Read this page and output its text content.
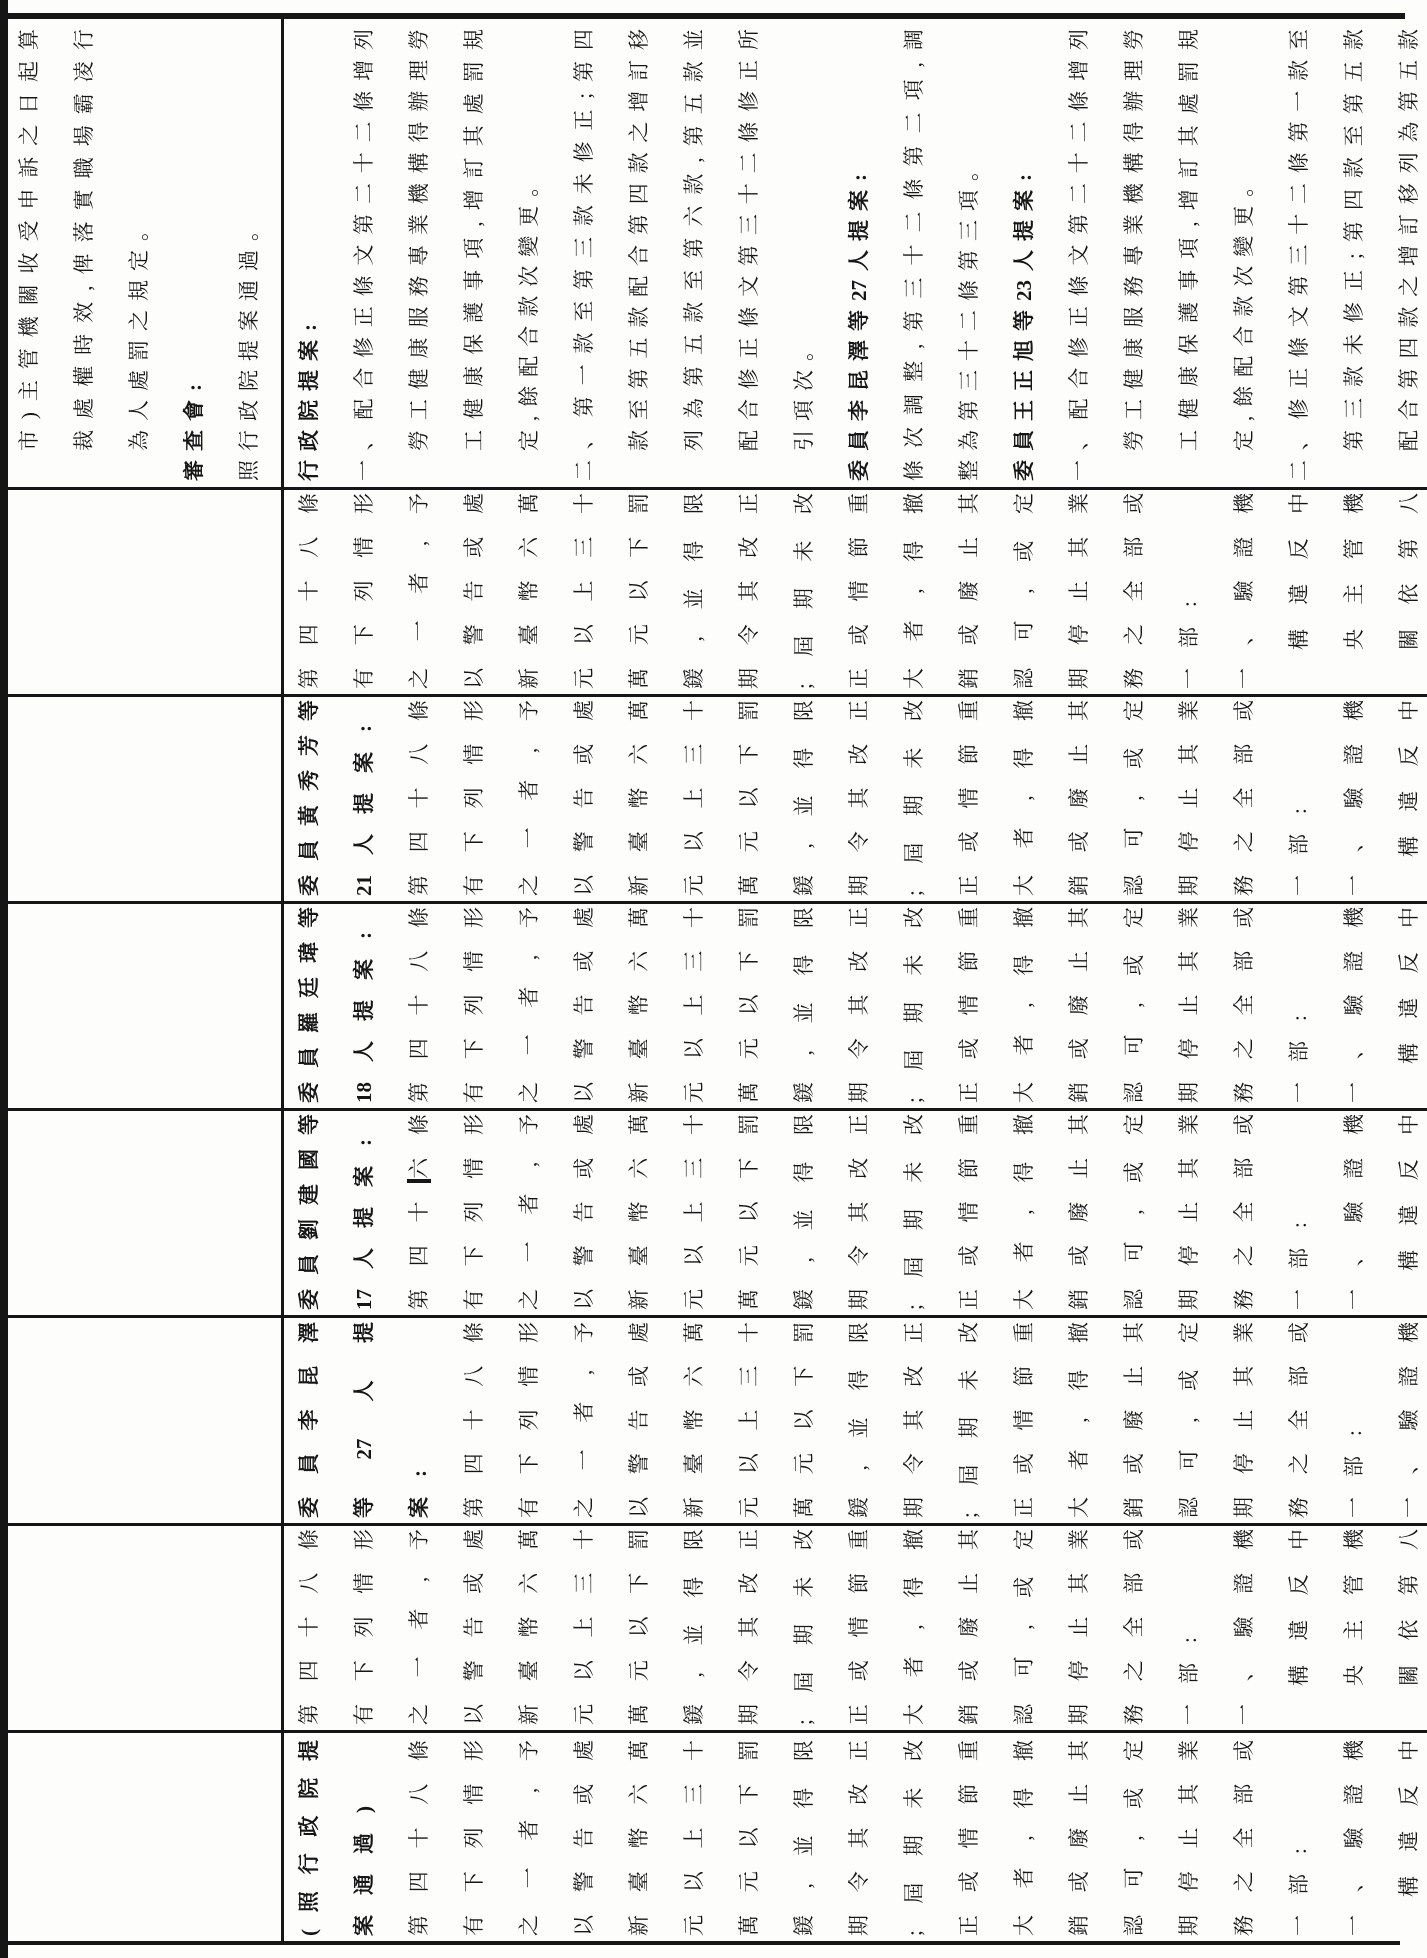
市
)
主
管
機
關
收
受
申
訴
之
日
起
算
裁
處
權
時
效
,
俾
落
實
職
場
霸
凌
行
為
人
處
罰
之
規
定
。
審
查
會
:
照
行
政
院
提
案
通
過
。
行
政
院
提
案
:
一
、
配
合
修
正
條
文
第
二
十
二
條
增
列
勞
工
健
康
服
務
專
業
機
構
得
辦
理
勞
工
健
康
保
護
事
項
,
增
訂
其
處
罰
規
定
,
餘
配
合
款
次
變
更
。
二
、
第
一
款
至
第
三
款
未
修
正
;
第
四
款
至
第
五
款
配
合
第
四
款
之
增
訂
移
列
為
第
五
款
至
第
六
款
,
第
五
款
並
配
合
修
正
條
文
第
三
十
二
條
修
正
所
引
項
次
。
委
員
李
昆
澤
等
27
人
提
案
:
條
次
調
整
,
第
三
十
二
條
第
二
項
,
調
整
為
第
三
十
二
條
第
三
項
。
委
員
王
正
旭
等
23
人
提
案
:
一
、
配
合
修
正
條
文
第
二
十
二
條
增
列
勞
工
健
康
服
務
專
業
機
構
得
辦
理
勞
工
健
康
保
護
事
項
,
增
訂
其
處
罰
規
定
,
餘
配
合
款
次
變
更
。
二
、
修
正
條
文
第
三
十
二
條
第
一
款
至
第
三
款
未
修
正
;
第
四
款
至
第
五
款
配
合
第
四
款
之
增
訂
移
列
為
第
五
款
第
四
十
八
條
有
下
列
情
形
之
一
者
,
予
以
警
告
或
處
新
臺
幣
六
萬
元
以
上
三
十
萬
元
以
下
罰
鍰
,
並
得
限
期
令
其
改
正
;
屆
期
未
改
正
或
情
節
重
大
者
,
得
撤
銷
或
廢
止
其
認
可
,
或
定
期
停
止
其
業
務
之
全
部
或
一
部
:
一
、
驗
證
機
構
違
反
中
央
主
管
機
關
依
第
八
委
員
黃
秀
芳
等
21
人
提
案
:
第
四
十
八
條
有
下
列
情
形
之
一
者
,
予
以
警
告
或
處
新
臺
幣
六
萬
元
以
上
三
十
萬
元
以
下
罰
鍰
,
並
得
限
期
令
其
改
正
;
屆
期
未
改
正
或
情
節
重
大
者
,
得
撤
銷
或
廢
止
其
認
可
,
或
定
期
停
止
其
業
務
之
全
部
或
一
部
:
一
、
驗
證
機
構
違
反
中
委
員
羅
廷
瑋
等
18
人
提
案
:
第
四
十
八
條
有
下
列
情
形
之
一
者
,
予
以
警
告
或
處
新
臺
幣
六
萬
元
以
上
三
十
萬
元
以
下
罰
鍰
,
並
得
限
期
令
其
改
正
;
屆
期
未
改
正
或
情
節
重
大
者
,
得
撤
銷
或
廢
止
其
認
可
,
或
定
期
停
止
其
業
務
之
全
部
或
一
部
:
一
、
驗
證
機
構
違
反
中
委
員
劉
建
國
等
17
人
提
案
:
第
四
十
六
條
有
下
列
情
形
之
一
者
,
予
以
警
告
或
處
新
臺
幣
六
萬
元
以
上
三
十
萬
元
以
下
罰
鍰
,
並
得
限
期
令
其
改
正
;
屆
期
未
改
正
或
情
節
重
大
者
,
得
撤
銷
或
廢
止
其
認
可
,
或
定
期
停
止
其
業
務
之
全
部
或
一
部
:
一
、
驗
證
機
構
違
反
中
委
員
李
昆
澤
等
27
人
提
案
:
第
四
十
八
條
有
下
列
情
形
之
一
者
,
予
以
警
告
或
處
新
臺
幣
六
萬
元
以
上
三
十
萬
元
以
下
罰
鍰
,
並
得
限
期
令
其
改
正
;
屆
期
未
改
正
或
情
節
重
大
者
,
得
撤
銷
或
廢
止
其
認
可
,
或
定
期
停
止
其
業
務
之
全
部
或
一
部
:
一
、
驗
證
機
第
四
十
八
條
有
下
列
情
形
之
一
者
,
予
以
警
告
或
處
新
臺
幣
六
萬
元
以
上
三
十
萬
元
以
下
罰
鍰
,
並
得
限
期
令
其
改
正
;
屆
期
未
改
正
或
情
節
重
大
者
,
得
撤
銷
或
廢
止
其
認
可
,
或
定
期
停
止
其
業
務
之
全
部
或
一
部
:
一
、
驗
證
機
構
違
反
中
央
主
管
機
關
依
第
八
(
照
行
政
院
提
案
通
過
)
第
四
十
八
條
有
下
列
情
形
之
一
者
,
予
以
警
告
或
處
新
臺
幣
六
萬
元
以
上
三
十
萬
元
以
下
罰
鍰
,
並
得
限
期
令
其
改
正
;
屆
期
未
改
正
或
情
節
重
大
者
,
得
撤
銷
或
廢
止
其
認
可
,
或
定
期
停
止
其
業
務
之
全
部
或
一
部
:
一
、
驗
證
機
構
違
反
中
